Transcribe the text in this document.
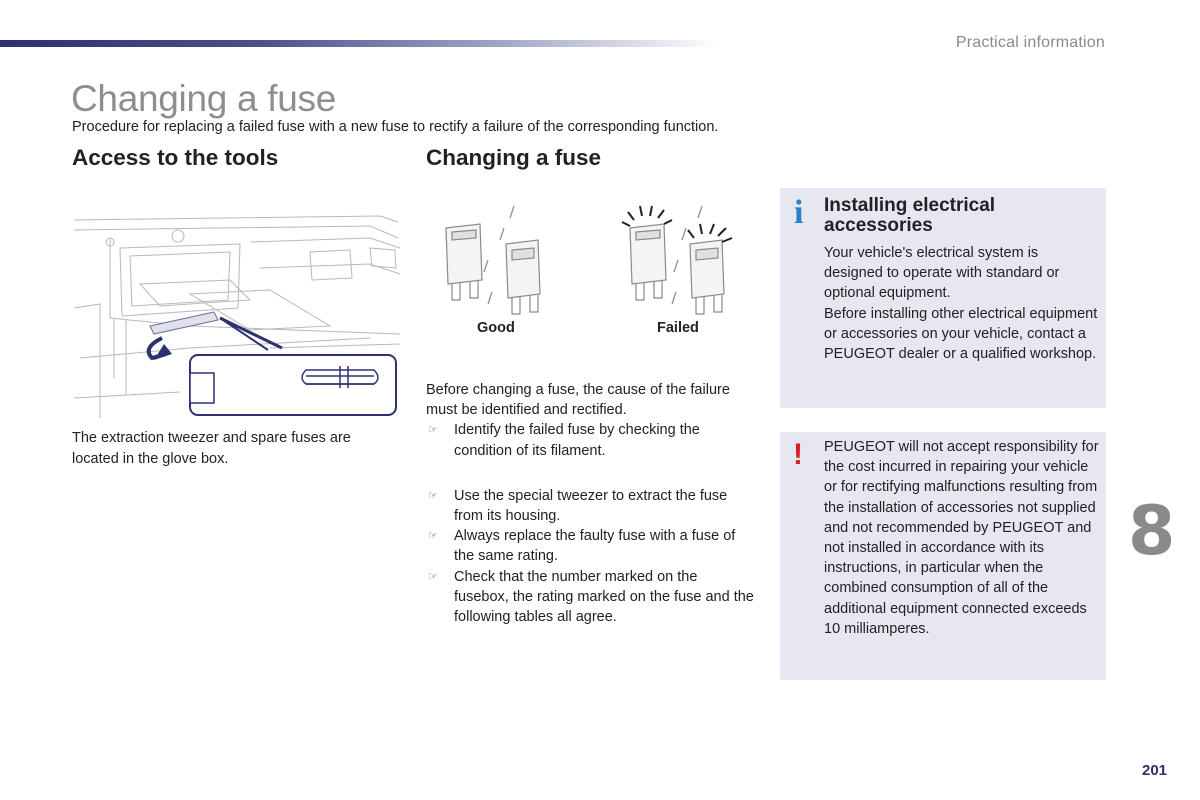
Practical information
Changing a fuse
Procedure for replacing a failed fuse with a new fuse to rectify a failure of the corresponding function.
Access to the tools
The extraction tweezer and spare fuses are located in the glove box.
Changing a fuse
Good	Failed

Before changing a fuse, the cause of the failure must be identified and rectified.

☞ Identify the failed fuse by checking the condition of its filament.
☞ Use the special tweezer to extract the fuse from its housing.
☞ Always replace the faulty fuse with a fuse of the same rating.
☞ Check that the number marked on the fusebox, the rating marked on the fuse and the following tables all agree.
i Installing electrical accessories
Your vehicle's electrical system is designed to operate with standard or optional equipment.
Before installing other electrical equipment or accessories on your vehicle, contact a PEUGEOT dealer or a qualified workshop.
! PEUGEOT will not accept responsibility for the cost incurred in repairing your vehicle or for rectifying malfunctions resulting from the installation of accessories not supplied and not recommended by PEUGEOT and not installed in accordance with its instructions, in particular when the combined consumption of all of the additional equipment connected exceeds 10 milliamperes.
8
201
